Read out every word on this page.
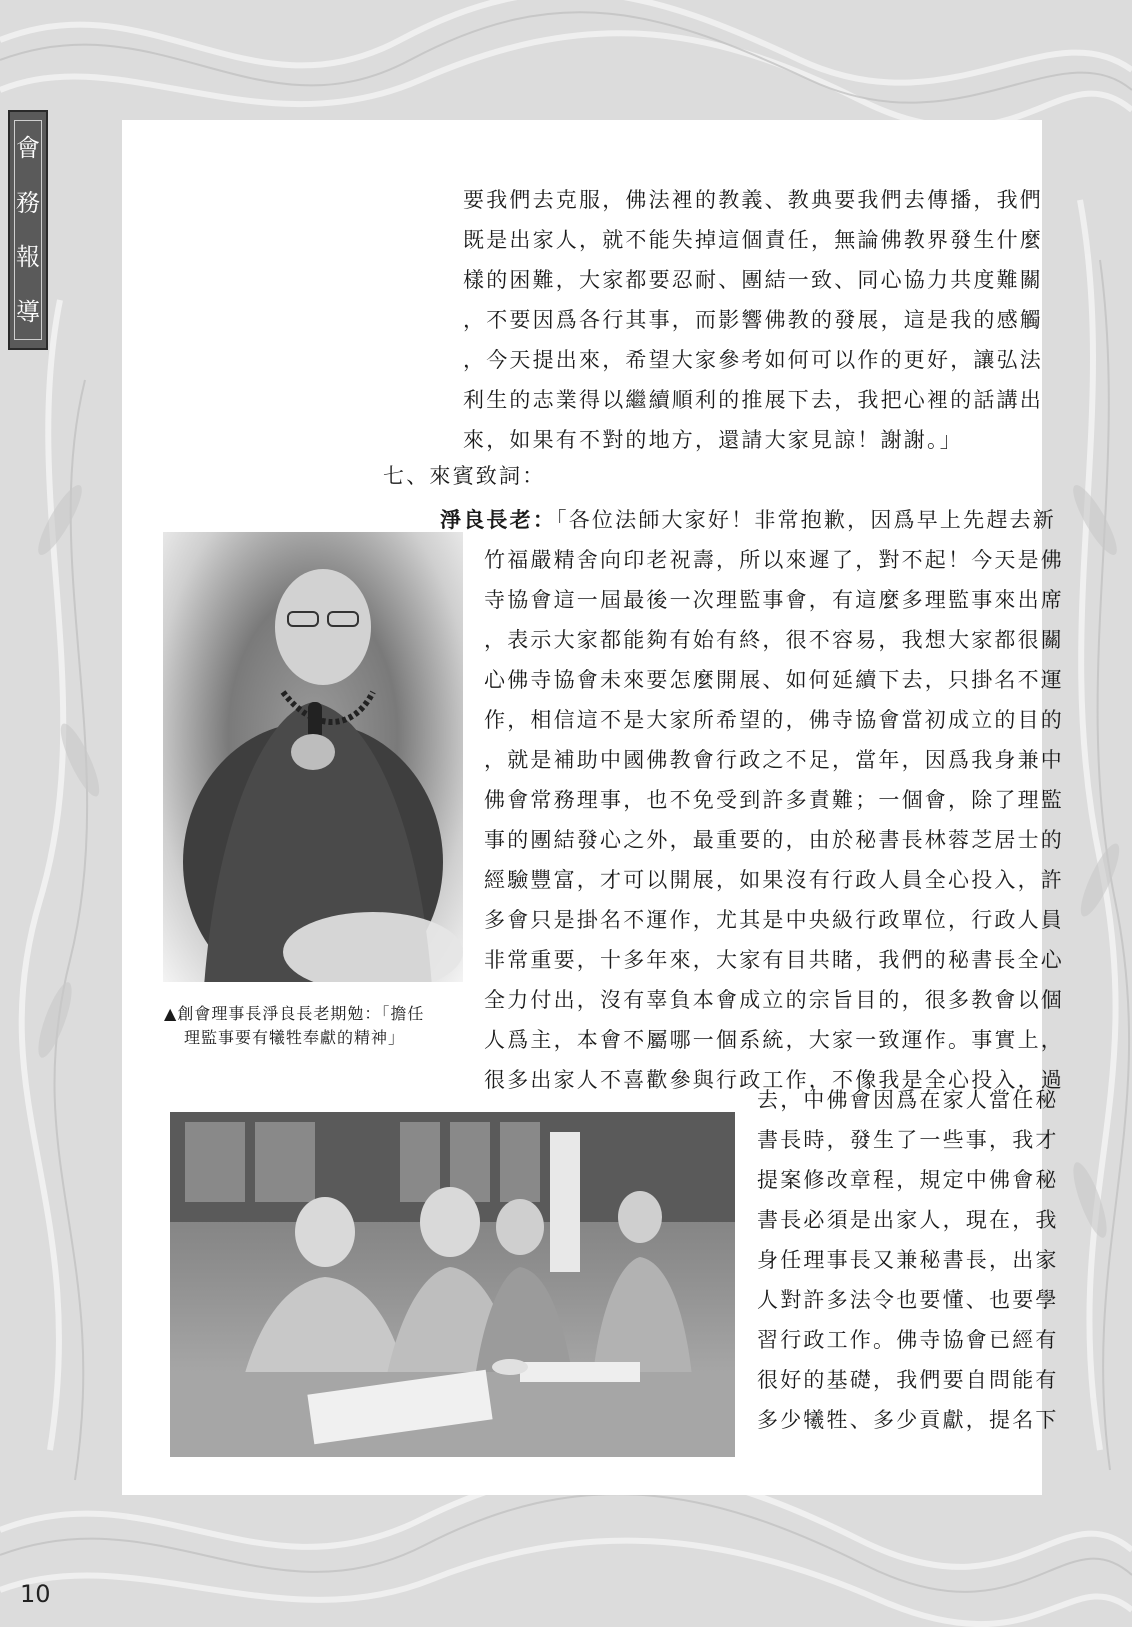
會
務
報
導
要我們去克服，佛法裡的教義、教典要我們去傳播，我們
既是出家人，就不能失掉這個責任，無論佛教界發生什麼
樣的困難，大家都要忍耐、團結一致、同心協力共度難關
，不要因爲各行其事，而影響佛教的發展，這是我的感觸
，今天提出來，希望大家參考如何可以作的更好，讓弘法
利生的志業得以繼續順利的推展下去，我把心裡的話講出
來，如果有不對的地方，還請大家見諒！謝謝。」
七、來賓致詞：
淨良長老：「各位法師大家好！非常抱歉，因爲早上先趕去新
竹福嚴精舍向印老祝壽，所以來遲了，對不起！今天是佛
寺協會這一屆最後一次理監事會，有這麼多理監事來出席
，表示大家都能夠有始有終，很不容易，我想大家都很關
心佛寺協會未來要怎麼開展、如何延續下去，只掛名不運
作，相信這不是大家所希望的，佛寺協會當初成立的目的
，就是補助中國佛教會行政之不足，當年，因爲我身兼中
佛會常務理事，也不免受到許多責難；一個會，除了理監
事的團結發心之外，最重要的，由於秘書長林蓉芝居士的
經驗豐富，才可以開展，如果沒有行政人員全心投入，許
多會只是掛名不運作，尤其是中央級行政單位，行政人員
非常重要，十多年來，大家有目共睹，我們的秘書長全心
全力付出，沒有辜負本會成立的宗旨目的，很多教會以個
人爲主，本會不屬哪一個系統，大家一致運作。事實上，
很多出家人不喜歡參與行政工作，不像我是全心投入，過
去，中佛會因爲在家人當任秘
書長時，發生了一些事，我才
提案修改章程，規定中佛會秘
書長必須是出家人，現在，我
身任理事長又兼秘書長，出家
人對許多法令也要懂、也要學
習行政工作。佛寺協會已經有
很好的基礎，我們要自問能有
多少犧牲、多少貢獻，提名下
▲創會理事長淨良長老期勉：「擔任
理監事要有犧牲奉獻的精神」
10
